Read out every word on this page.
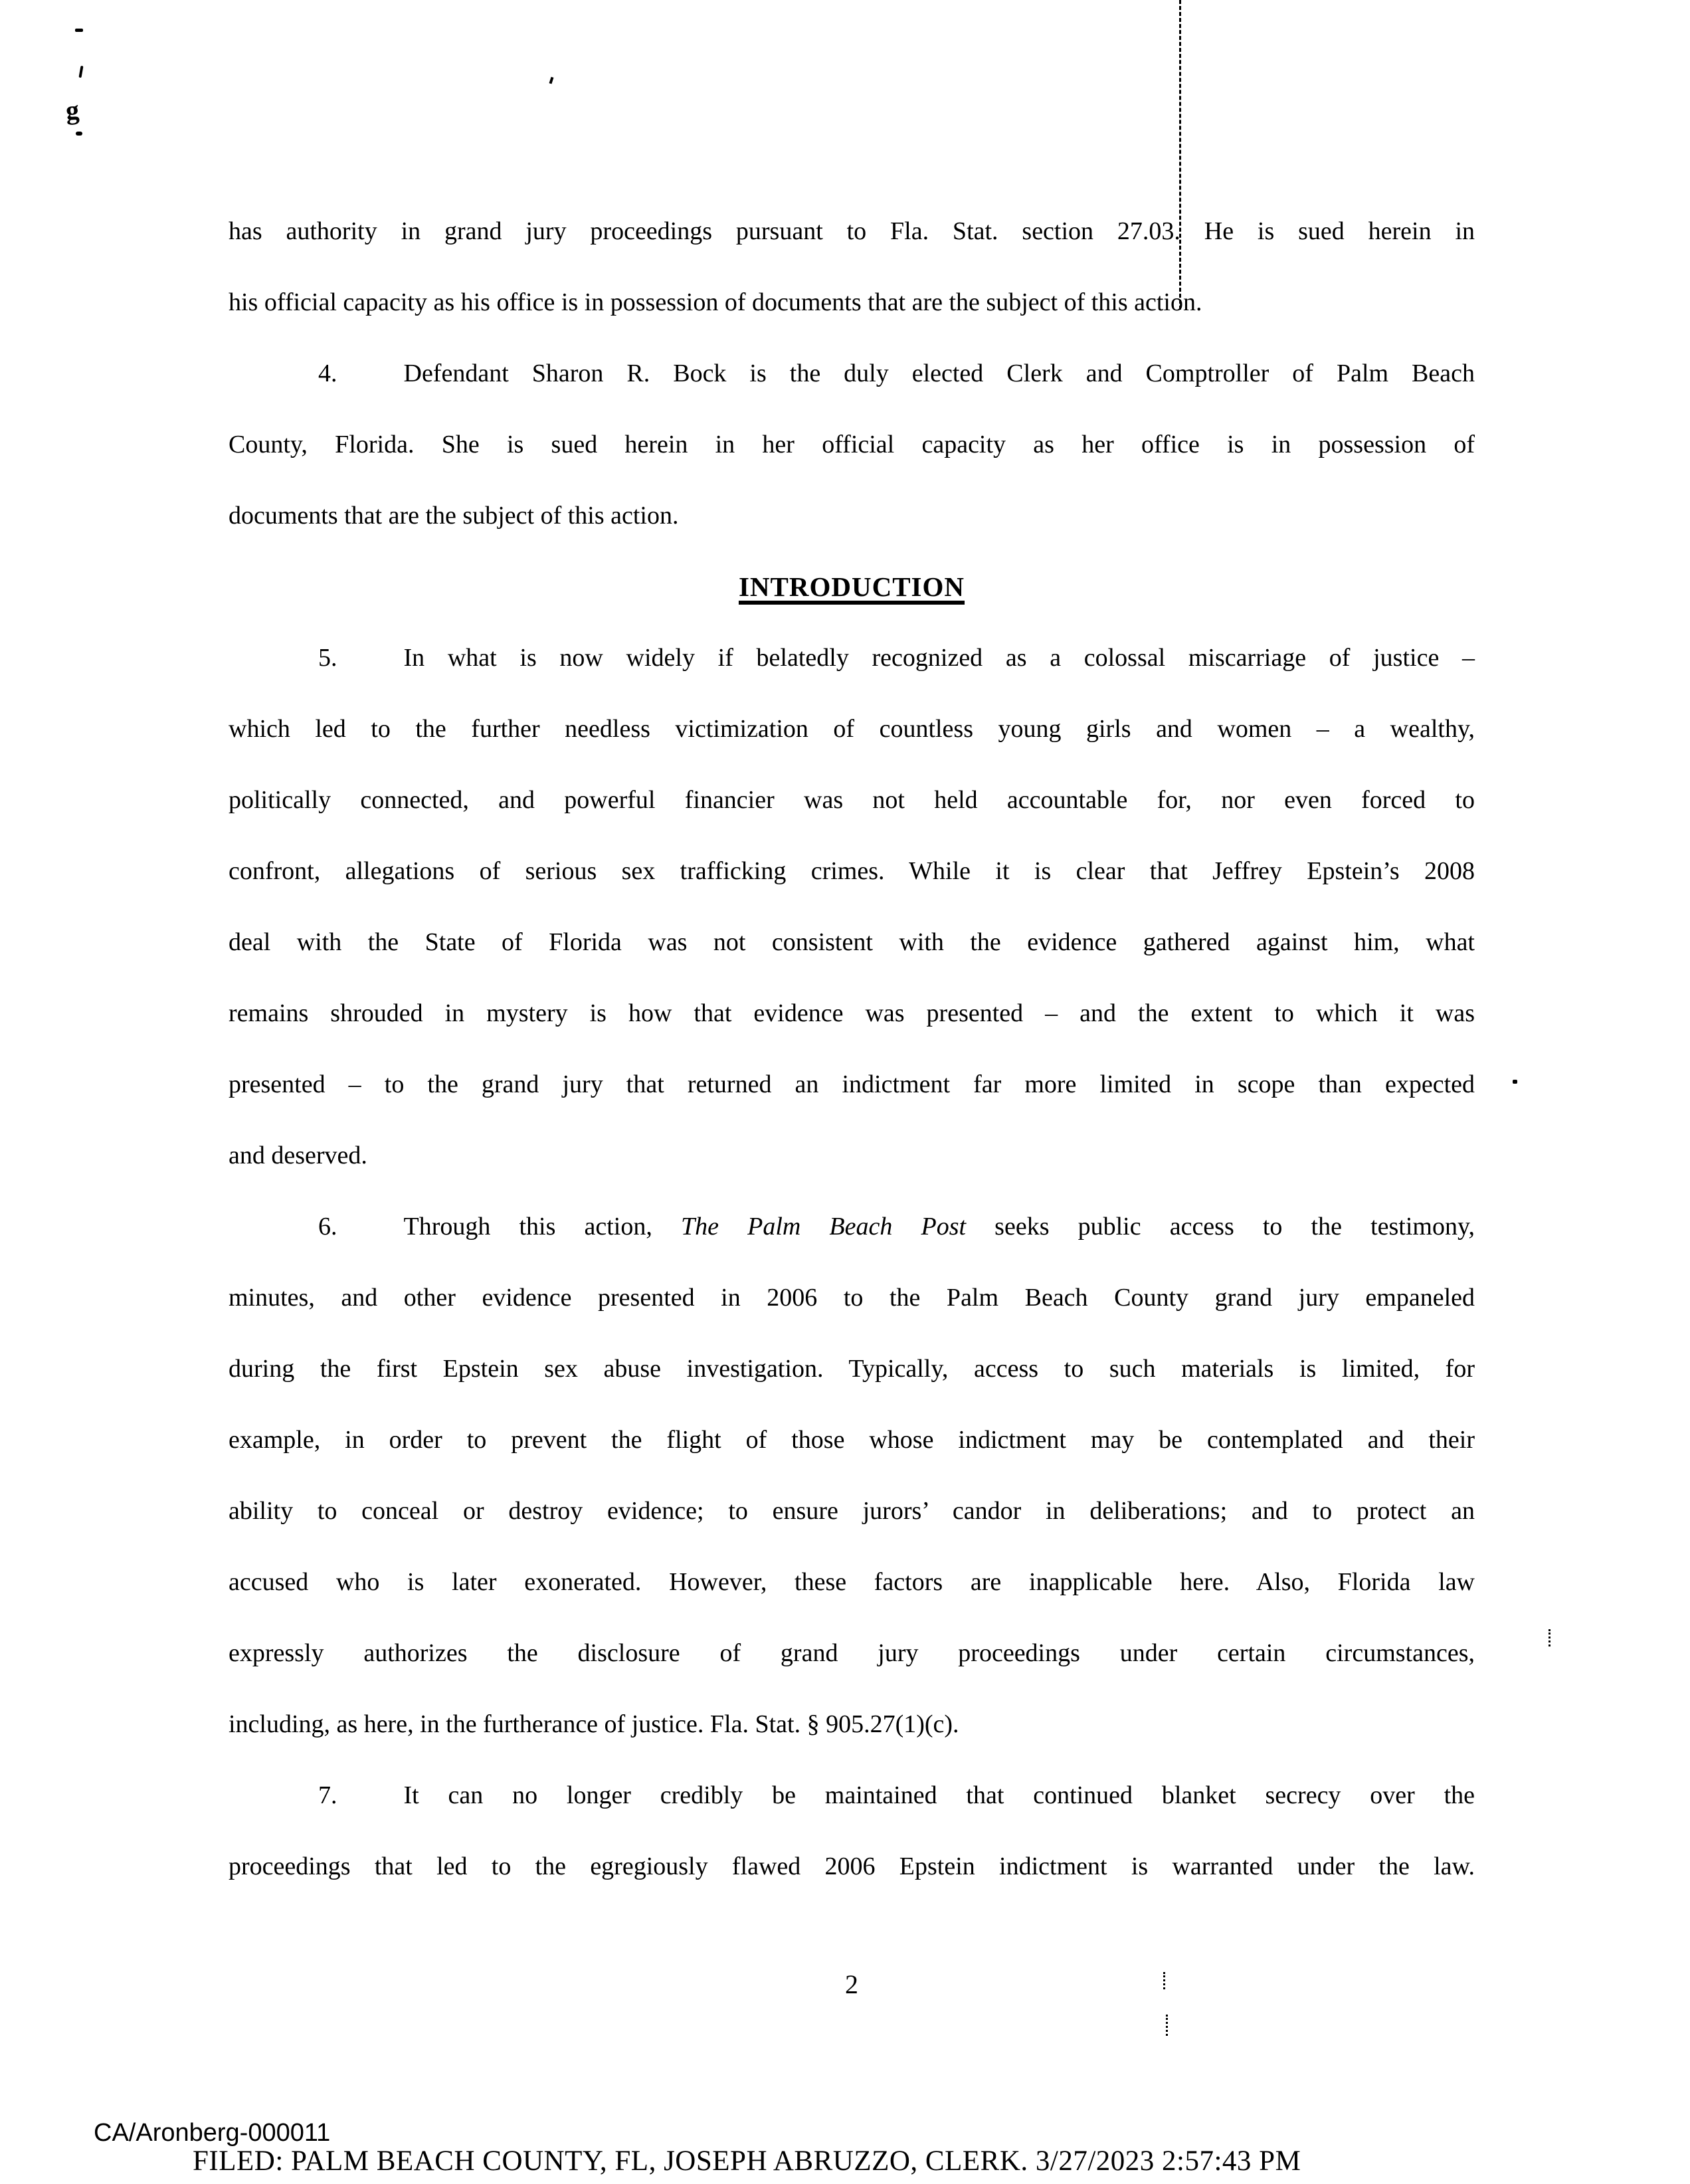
g
has authority in grand jury proceedings pursuant to Fla. Stat. section 27.03. He is sued herein in
his official capacity as his office is in possession of documents that are the subject of this action.
4.	Defendant Sharon R. Bock is the duly elected Clerk and Comptroller of Palm Beach
County, Florida. She is sued herein in her official capacity as her office is in possession of
documents that are the subject of this action.
INTRODUCTION
5.	In what is now widely if belatedly recognized as a colossal miscarriage of justice –
which led to the further needless victimization of countless young girls and women – a wealthy,
politically connected, and powerful financier was not held accountable for, nor even forced to
confront, allegations of serious sex trafficking crimes. While it is clear that Jeffrey Epstein’s 2008
deal with the State of Florida was not consistent with the evidence gathered against him, what
remains shrouded in mystery is how that evidence was presented – and the extent to which it was
presented – to the grand jury that returned an indictment far more limited in scope than expected
and deserved.
6.	Through this action, The Palm Beach Post seeks public access to the testimony,
minutes, and other evidence presented in 2006 to the Palm Beach County grand jury empaneled
during the first Epstein sex abuse investigation. Typically, access to such materials is limited, for
example, in order to prevent the flight of those whose indictment may be contemplated and their
ability to conceal or destroy evidence; to ensure jurors’ candor in deliberations; and to protect an
accused who is later exonerated. However, these factors are inapplicable here. Also, Florida law
expressly authorizes the disclosure of grand jury proceedings under certain circumstances,
including, as here, in the furtherance of justice. Fla. Stat. § 905.27(1)(c).
7.	It can no longer credibly be maintained that continued blanket secrecy over the
proceedings that led to the egregiously flawed 2006 Epstein indictment is warranted under the law.
2
CA/Aronberg-000011
FILED: PALM BEACH COUNTY, FL, JOSEPH ABRUZZO, CLERK. 3/27/2023 2:57:43 PM
